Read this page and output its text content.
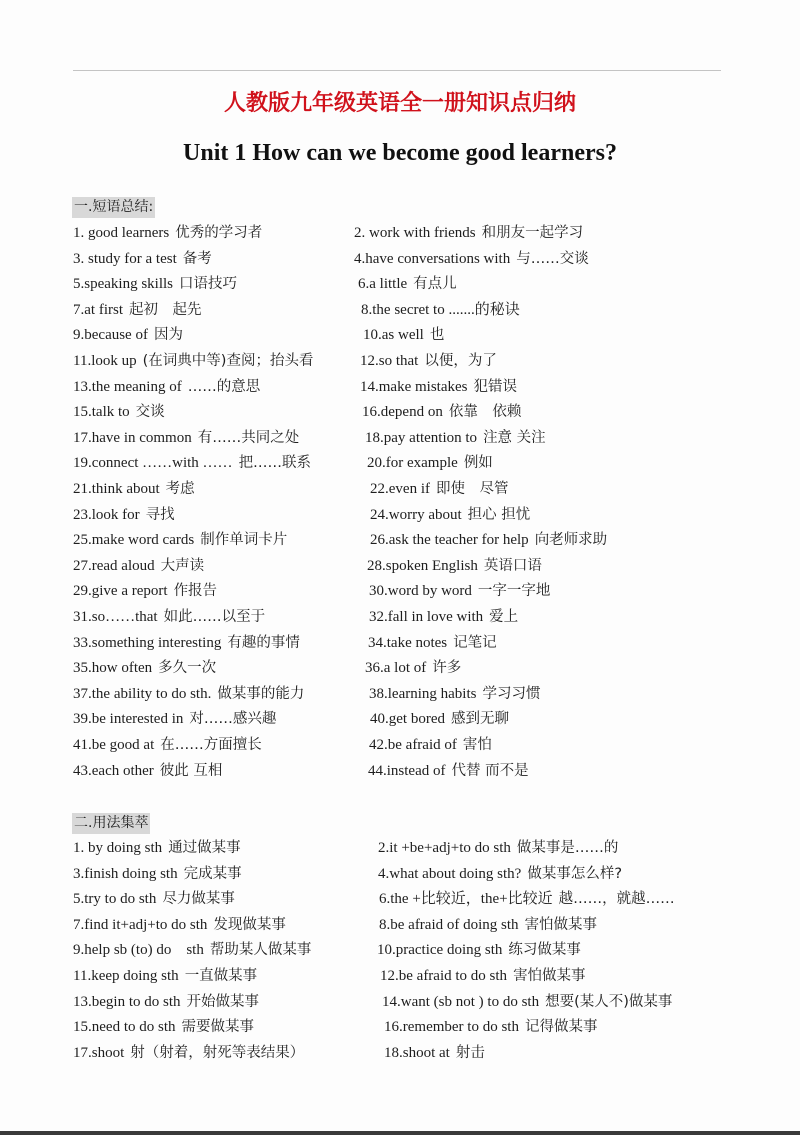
人教版九年级英语全一册知识点归纳
Unit 1 How can we become good learners?
一.短语总结:
1. good learners 优秀的学习者	2. work with friends 和朋友一起学习
3. study for a test 备考	4.have conversations with 与……交谈
5.speaking skills 口语技巧	6.a little 有点儿
7.at first 起初　起先	8.the secret to .......的秘诀
9.because of 因为	10.as well 也
11.look up (在词典中等)查阅；抬头看	12.so that 以便，为了
13.the meaning of ……的意思	14.make mistakes 犯错误
15.talk to 交谈	16.depend on 依靠　依赖
17.have in common 有……共同之处	18.pay attention to 注意 关注
19.connect ……with …… 把……联系	20.for example 例如
21.think about 考虑	22.even if 即使　尽管
23.look for 寻找	24.worry about 担心 担忧
25.make word cards 制作单词卡片	26.ask the teacher for help 向老师求助
27.read aloud 大声读	28.spoken English 英语口语
29.give a report 作报告	30.word by word 一字一字地
31.so……that 如此……以至于	32.fall in love with 爱上
33.something interesting 有趣的事情	34.take notes 记笔记
35.how often 多久一次	36.a lot of 许多
37.the ability to do sth. 做某事的能力	38.learning habits 学习习惯
39.be interested in 对……感兴趣	40.get bored 感到无聊
41.be good at 在……方面擅长	42.be afraid of 害怕
43.each other 彼此 互相	44.instead of 代替 而不是
二.用法集萃
1. by doing sth 通过做某事	2.it +be+adj+to do sth 做某事是……的
3.finish doing sth 完成某事	4.what about doing sth? 做某事怎么样?
5.try to do sth 尽力做某事	6.the +比较近，the+比较近 越……，就越……
7.find it+adj+to do sth 发现做某事	8.be afraid of doing sth 害怕做某事
9.help sb (to) do　sth 帮助某人做某事	10.practice doing sth 练习做某事
11.keep doing sth 一直做某事	12.be afraid to do sth 害怕做某事
13.begin to do sth 开始做某事	14.want (sb not ) to do sth 想要(某人不)做某事
15.need to do sth 需要做某事	16.remember to do sth 记得做某事
17.shoot 射（射着，射死等表结果）	18.shoot at 射击
